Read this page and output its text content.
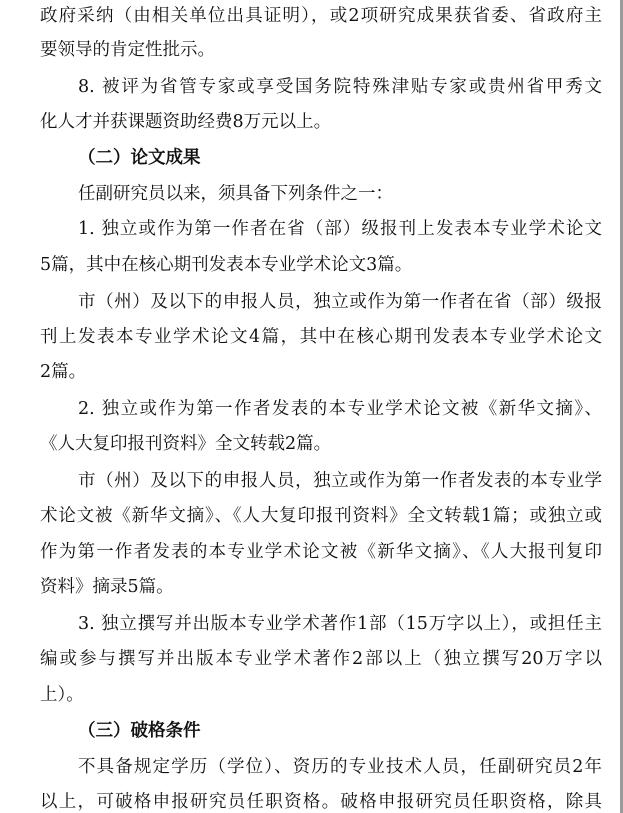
政府采纳（由相关单位出具证明），或2项研究成果获省委、省政府主
要领导的肯定性批示。
8. 被评为省管专家或享受国务院特殊津贴专家或贵州省甲秀文
化人才并获课题资助经费8万元以上。
（二）论文成果
任副研究员以来，须具备下列条件之一：
1. 独立或作为第一作者在省（部）级报刊上发表本专业学术论文
5篇，其中在核心期刊发表本专业学术论文3篇。
市（州）及以下的申报人员，独立或作为第一作者在省（部）级报
刊上发表本专业学术论文4篇，其中在核心期刊发表本专业学术论文
2篇。
2. 独立或作为第一作者发表的本专业学术论文被《新华文摘》、
《人大复印报刊资料》全文转载2篇。
市（州）及以下的申报人员，独立或作为第一作者发表的本专业学
术论文被《新华文摘》、《人大复印报刊资料》全文转载1篇；或独立或
作为第一作者发表的本专业学术论文被《新华文摘》、《人大报刊复印
资料》摘录5篇。
3. 独立撰写并出版本专业学术著作1部（15万字以上），或担任主
编或参与撰写并出版本专业学术著作2部以上（独立撰写20万字以
上）。
（三）破格条件
不具备规定学历（学位）、资历的专业技术人员，任副研究员2年
以上，可破格申报研究员任职资格。破格申报研究员任职资格，除具
